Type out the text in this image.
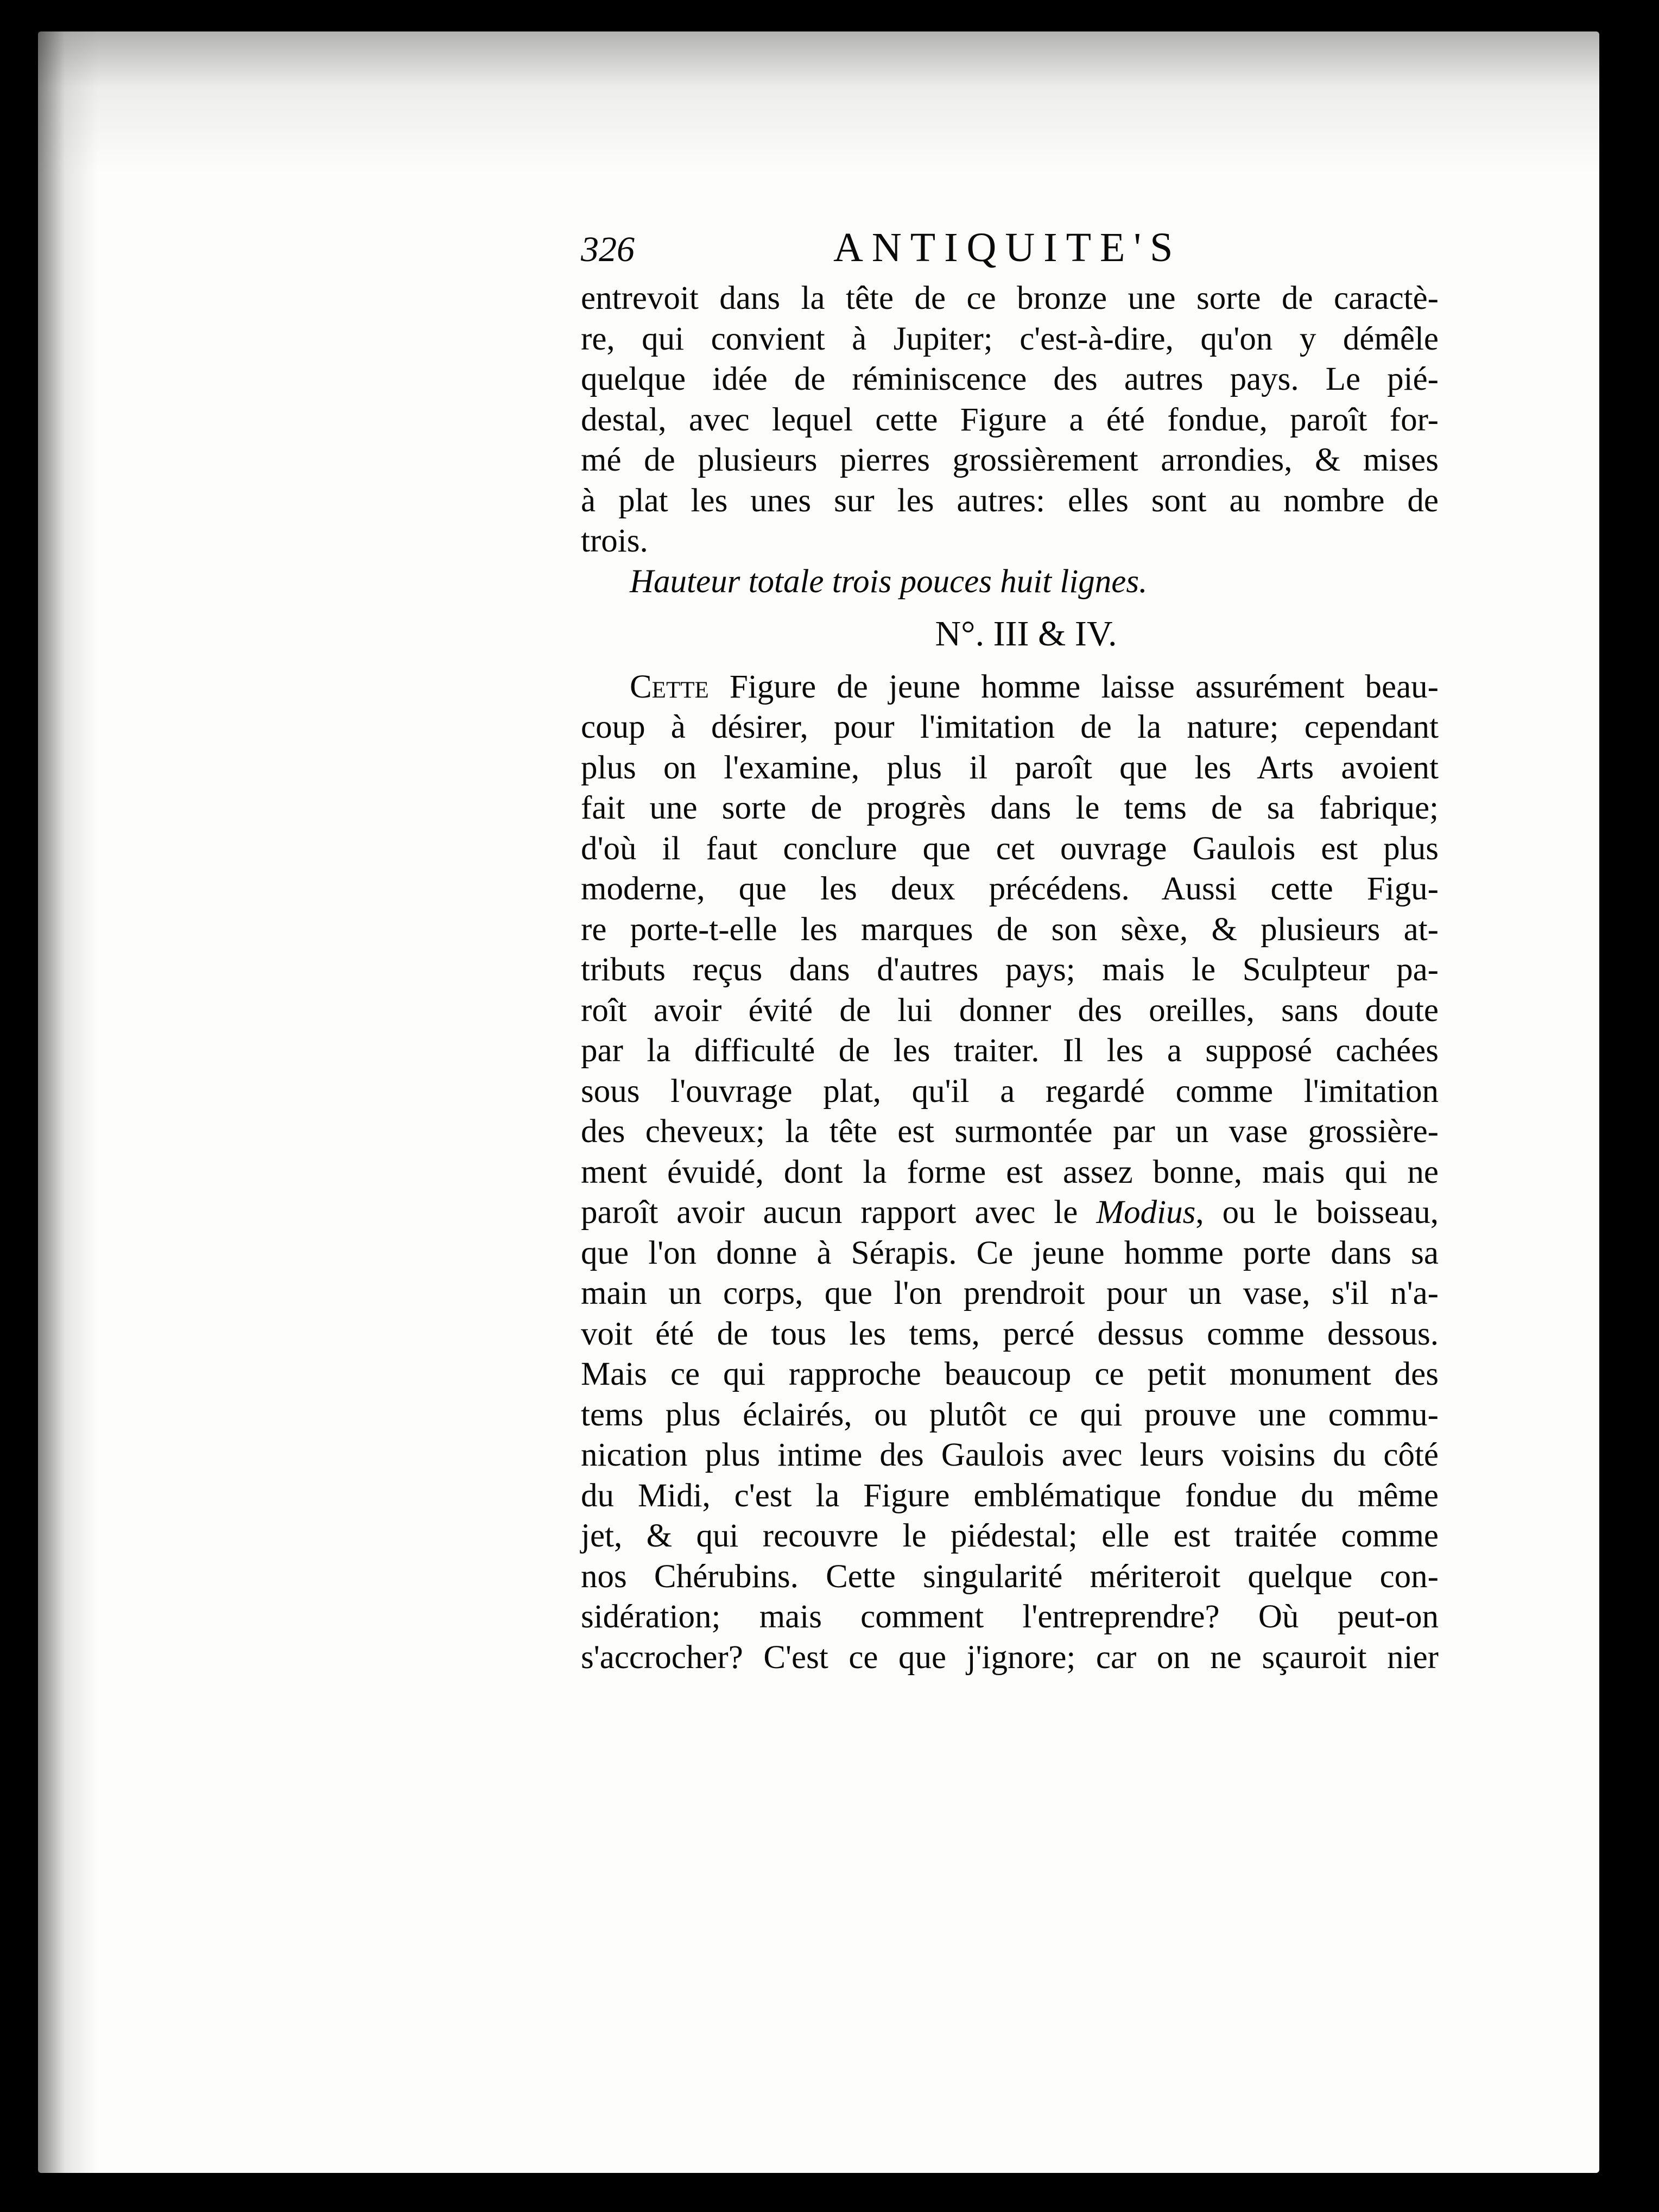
326	ANTIQUITE'S
entrevoit dans la tête de ce bronze une sorte de caractè-
re, qui convient à Jupiter; c'est-à-dire, qu'on y démêle
quelque idée de réminiscence des autres pays. Le pié-
destal, avec lequel cette Figure a été fondue, paroît for-
mé de plusieurs pierres grossièrement arrondies, & mises
à plat les unes sur les autres: elles sont au nombre de
trois.
Hauteur totale trois pouces huit lignes.
N°. III & IV.
Cette Figure de jeune homme laisse assurément beau-
coup à désirer, pour l'imitation de la nature; cependant
plus on l'examine, plus il paroît que les Arts avoient
fait une sorte de progrès dans le tems de sa fabrique;
d'où il faut conclure que cet ouvrage Gaulois est plus
moderne, que les deux précédens. Aussi cette Figu-
re porte-t-elle les marques de son sèxe, & plusieurs at-
tributs reçus dans d'autres pays; mais le Sculpteur pa-
roît avoir évité de lui donner des oreilles, sans doute
par la difficulté de les traiter. Il les a supposé cachées
sous l'ouvrage plat, qu'il a regardé comme l'imitation
des cheveux; la tête est surmontée par un vase grossière-
ment évuidé, dont la forme est assez bonne, mais qui ne
paroît avoir aucun rapport avec le Modius, ou le boisseau,
que l'on donne à Sérapis. Ce jeune homme porte dans sa
main un corps, que l'on prendroit pour un vase, s'il n'a-
voit été de tous les tems, percé dessus comme dessous.
Mais ce qui rapproche beaucoup ce petit monument des
tems plus éclairés, ou plutôt ce qui prouve une commu-
nication plus intime des Gaulois avec leurs voisins du côté
du Midi, c'est la Figure emblématique fondue du même
jet, & qui recouvre le piédestal; elle est traitée comme
nos Chérubins. Cette singularité mériteroit quelque con-
sidération; mais comment l'entreprendre? Où peut-on
s'accrocher? C'est ce que j'ignore; car on ne sçauroit nier
